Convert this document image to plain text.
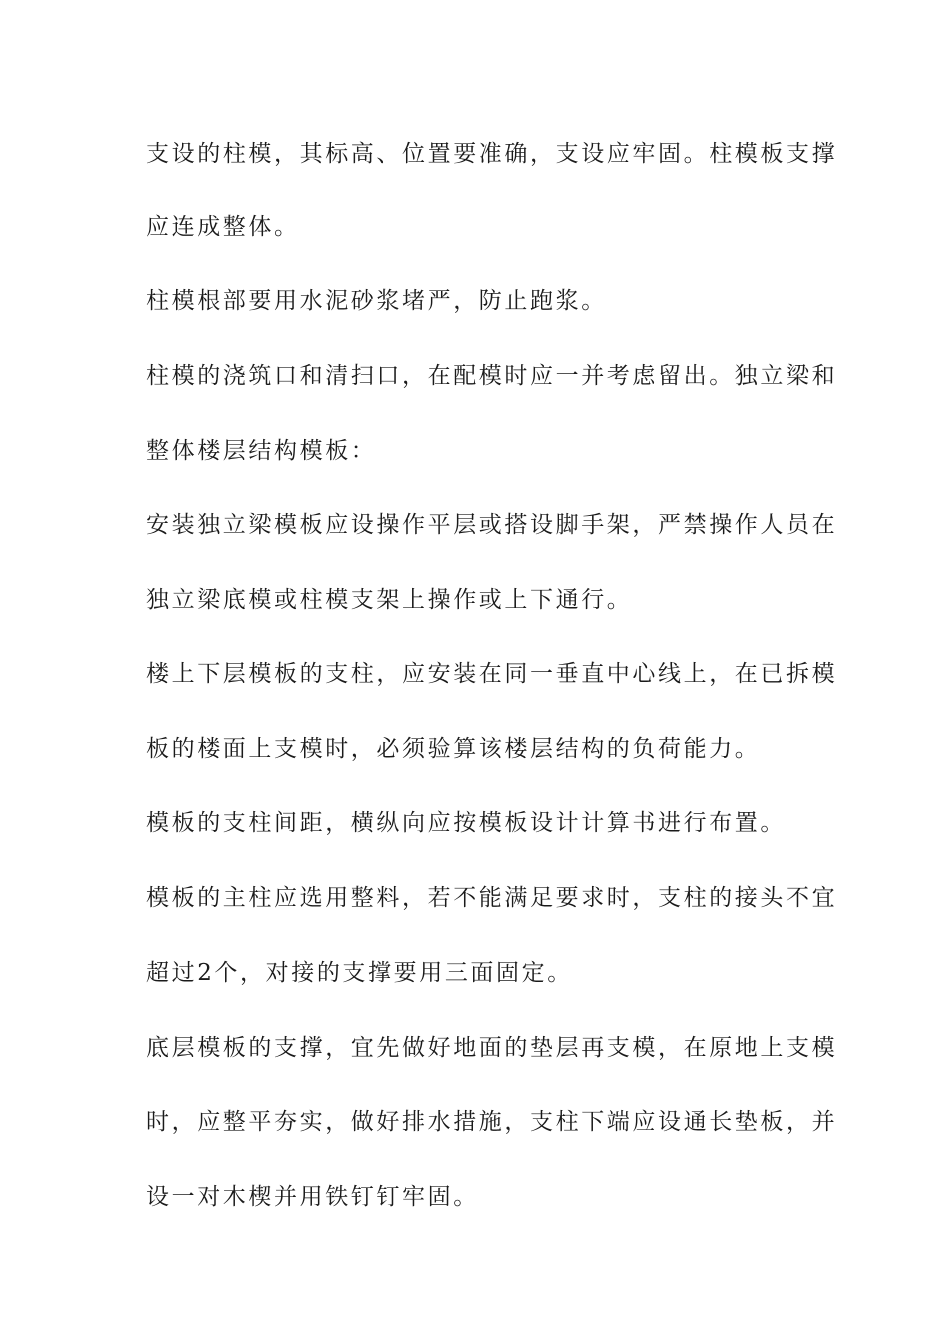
支设的柱模，其标高、位置要准确，支设应牢固。柱模板支撑
应连成整体。
柱模根部要用水泥砂浆堵严，防止跑浆。
柱模的浇筑口和清扫口，在配模时应一并考虑留出。独立梁和
整体楼层结构模板：
安装独立梁模板应设操作平层或搭设脚手架，严禁操作人员在
独立梁底模或柱模支架上操作或上下通行。
楼上下层模板的支柱，应安装在同一垂直中心线上，在已拆模
板的楼面上支模时，必须验算该楼层结构的负荷能力。
模板的支柱间距，横纵向应按模板设计计算书进行布置。
模板的主柱应选用整料，若不能满足要求时，支柱的接头不宜
超过2个，对接的支撑要用三面固定。
底层模板的支撑，宜先做好地面的垫层再支模，在原地上支模
时，应整平夯实，做好排水措施，支柱下端应设通长垫板，并
设一对木楔并用铁钉钉牢固。
